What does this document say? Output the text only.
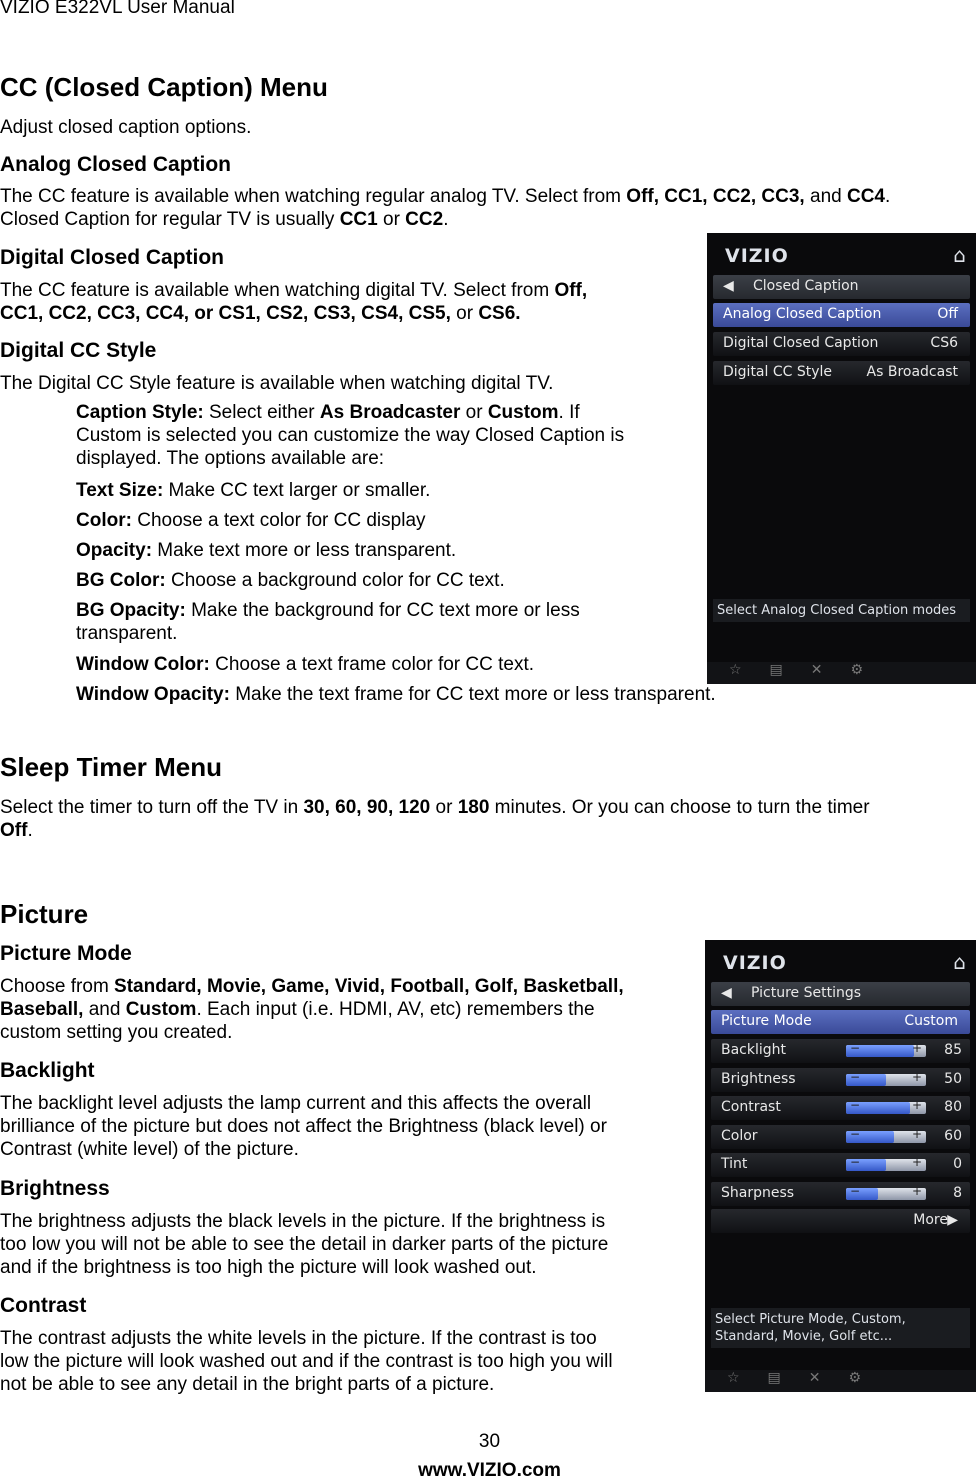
VIZIO E322VL User Manual
CC (Closed Caption) Menu
Adjust closed caption options.
Analog Closed Caption
The CC feature is available when watching regular analog TV. Select from Off, CC1, CC2, CC3, and CC4.
Closed Caption for regular TV is usually CC1 or CC2.
Digital Closed Caption
The CC feature is available when watching digital TV. Select from Off,
CC1, CC2, CC3, CC4, or CS1, CS2, CS3, CS4, CS5, or CS6.
Digital CC Style
The Digital CC Style feature is available when watching digital TV.
Caption Style: Select either As Broadcaster or Custom. If
Custom is selected you can customize the way Closed Caption is
displayed. The options available are:
Text Size: Make CC text larger or smaller.
Color: Choose a text color for CC display
Opacity: Make text more or less transparent.
BG Color: Choose a background color for CC text.
BG Opacity: Make the background for CC text more or less
transparent.
Window Color: Choose a text frame color for CC text.
Window Opacity: Make the text frame for CC text more or less transparent.
VIZIO	⌂
◀ Closed Caption
Analog Closed Caption	Off
Digital Closed Caption	CS6
Digital CC Style As Broadcast
Select Analog Closed Caption modes
☆▤✕⚙
Sleep Timer Menu
Select the timer to turn off the TV in 30, 60, 90, 120 or 180 minutes. Or you can choose to turn the timer
Off.
Picture
Picture Mode
Choose from Standard, Movie, Game, Vivid, Football, Golf, Basketball,
Baseball, and Custom. Each input (i.e. HDMI, AV, etc) remembers the
custom setting you created.
Backlight
The backlight level adjusts the lamp current and this affects the overall
brilliance of the picture but does not affect the Brightness (black level) or
Contrast (white level) of the picture.
Brightness
The brightness adjusts the black levels in the picture. If the brightness is
too low you will not be able to see the detail in darker parts of the picture
and if the brightness is too high the picture will look washed out.
Contrast
The contrast adjusts the white levels in the picture. If the contrast is too
low the picture will look washed out and if the contrast is too high you will
not be able to see any detail in the bright parts of a picture.
VIZIO	⌂
◀ Picture Settings
Picture Mode	Custom
Backlight	−	+ 85
Brightness	−	+ 50
Contrast	−	+ 80
Color	−	+ 60
Tint	−	+ 0
Sharpness	−	+ 8
More ▶
Select Picture Mode, Custom, Standard, Movie, Golf etc...
☆▤✕⚙
30
www.VIZIO.com
